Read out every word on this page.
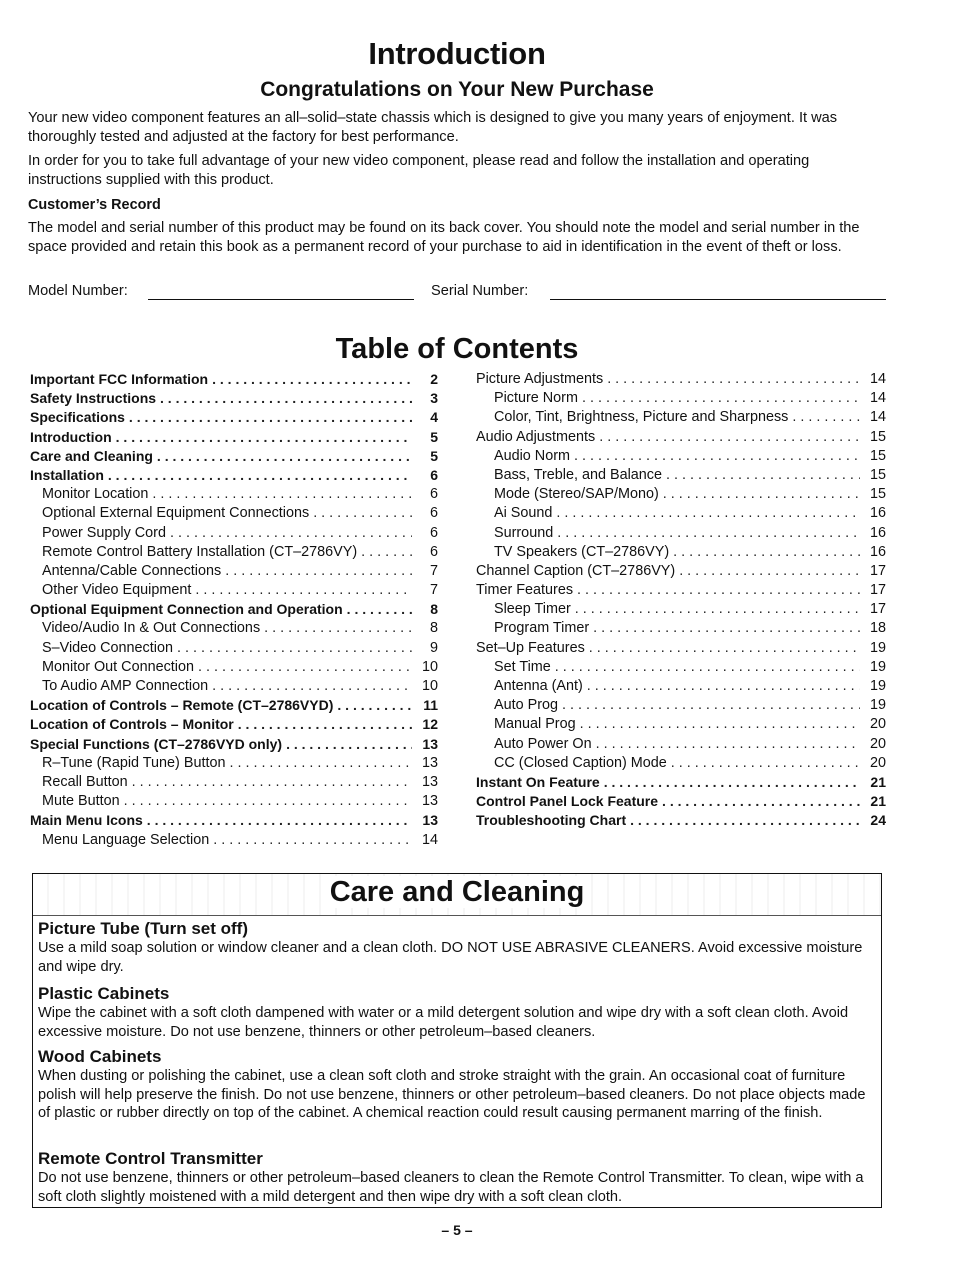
Introduction
Congratulations on Your New Purchase

Your new video component features an all–solid–state chassis which is designed to give you many years of enjoyment. It was thoroughly tested and adjusted at the factory for best performance.

In order for you to take full advantage of your new video component, please read and follow the installation and operating instructions supplied with this product.

Customer’s Record

The model and serial number of this product may be found on its back cover. You should note the model and serial number in the space provided and retain this book as a permanent record of your purchase to aid in identification in the event of theft or loss.

Model Number:	Serial Number:
Table of Contents
Important FCC Information . . .	2
Safety Instructions . . .	3
Specifications . . .	4
Introduction . . .	5
Care and Cleaning . . .	5
Installation . . .	6
Monitor Location . . .	6
Optional External Equipment Connections . . .	6
Power Supply Cord . . .	6
Remote Control Battery Installation (CT–2786VY) . . .	6
Antenna/Cable Connections . . .	7
Other Video Equipment . . .	7
Optional Equipment Connection and Operation . . .	8
Video/Audio In & Out Connections . . .	8
S–Video Connection . . .	9
Monitor Out Connection . . .	10
To Audio AMP Connection . . .	10
Location of Controls – Remote (CT–2786VYD) . . .	11
Location of Controls – Monitor . . .	12
Special Functions (CT–2786VYD only) . . .	13
R–Tune (Rapid Tune) Button . . .	13
Recall Button . . .	13
Mute Button . . .	13
Main Menu Icons . . .	13
Menu Language Selection . . .	14
Picture Adjustments . . .	14
Picture Norm . . .	14
Color, Tint, Brightness, Picture and Sharpness . . .	14
Audio Adjustments . . .	15
Audio Norm . . .	15
Bass, Treble, and Balance . . .	15
Mode (Stereo/SAP/Mono) . . .	15
Ai Sound . . .	16
Surround . . .	16
TV Speakers (CT–2786VY) . . .	16
Channel Caption (CT–2786VY) . . .	17
Timer Features . . .	17
Sleep Timer . . .	17
Program Timer . . .	18
Set–Up Features . . .	19
Set Time . . .	19
Antenna (Ant) . . .	19
Auto Prog . . .	19
Manual Prog . . .	20
Auto Power On . . .	20
CC (Closed Caption) Mode . . .	20
Instant On Feature . . .	21
Control Panel Lock Feature . . .	21
Troubleshooting Chart . . .	24
Care and Cleaning
Picture Tube (Turn set off)

Use a mild soap solution or window cleaner and a clean cloth. DO NOT USE ABRASIVE CLEANERS. Avoid excessive moisture and wipe dry.

Plastic Cabinets

Wipe the cabinet with a soft cloth dampened with water or a mild detergent solution and wipe dry with a soft clean cloth. Avoid excessive moisture. Do not use benzene, thinners or other petroleum–based cleaners.

Wood Cabinets

When dusting or polishing the cabinet, use a clean soft cloth and stroke straight with the grain. An occasional coat of furniture polish will help preserve the finish. Do not use benzene, thinners or other petroleum–based cleaners. Do not place objects made of plastic or rubber directly on top of the cabinet. A chemical reaction could result causing permanent marring of the finish.

Remote Control Transmitter

Do not use benzene, thinners or other petroleum–based cleaners to clean the Remote Control Transmitter. To clean, wipe with a soft cloth slightly moistened with a mild detergent and then wipe dry with a soft clean cloth.

– 5 –
